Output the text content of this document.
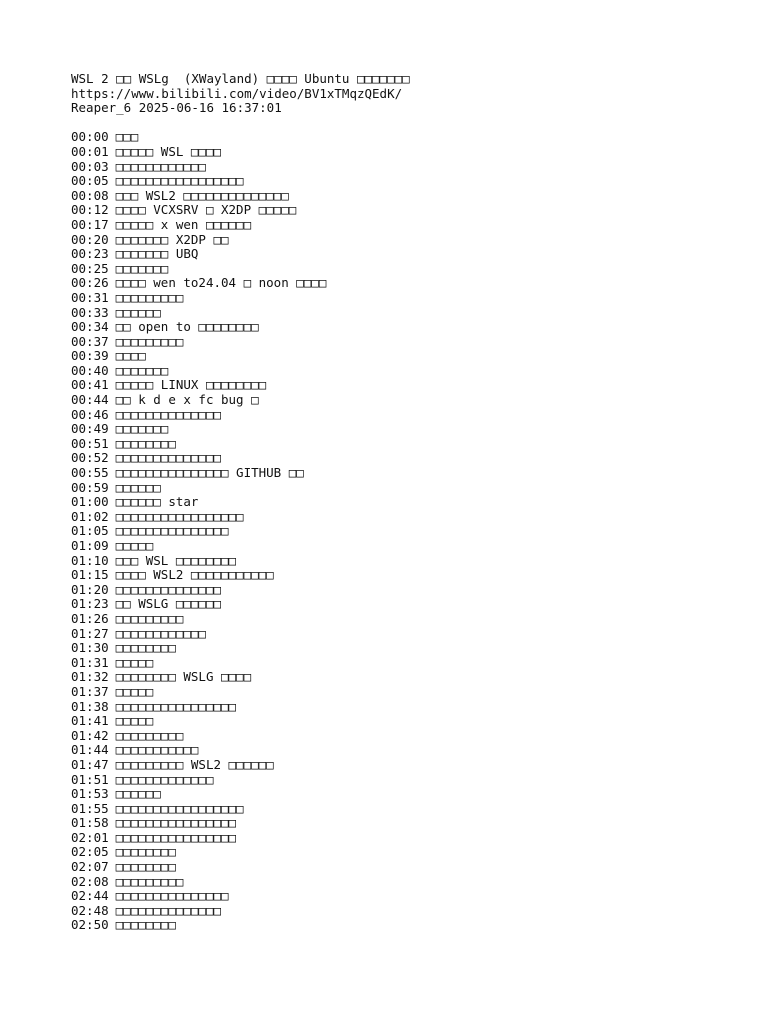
WSL 2 □□ WSLg  (XWayland) □□□□ Ubuntu □□□□□□□
https://www.bilibili.com/video/BV1xTMqzQEdK/
Reaper_6 2025-06-16 16:37:01
00:00 □□□
00:01 □□□□□ WSL □□□□
00:03 □□□□□□□□□□□□
00:05 □□□□□□□□□□□□□□□□□
00:08 □□□ WSL2 □□□□□□□□□□□□□□
00:12 □□□□ VCXSRV □ X2DP □□□□□
00:17 □□□□□ x wen □□□□□□
00:20 □□□□□□□ X2DP □□
00:23 □□□□□□□ UBQ
00:25 □□□□□□□
00:26 □□□□ wen to24.04 □ noon □□□□
00:31 □□□□□□□□□
00:33 □□□□□□
00:34 □□ open to □□□□□□□□
00:37 □□□□□□□□□
00:39 □□□□
00:40 □□□□□□□
00:41 □□□□□ LINUX □□□□□□□□
00:44 □□ k d e x fc bug □
00:46 □□□□□□□□□□□□□□
00:49 □□□□□□□
00:51 □□□□□□□□
00:52 □□□□□□□□□□□□□□
00:55 □□□□□□□□□□□□□□□ GITHUB □□
00:59 □□□□□□
01:00 □□□□□□ star
01:02 □□□□□□□□□□□□□□□□□
01:05 □□□□□□□□□□□□□□□
01:09 □□□□□
01:10 □□□ WSL □□□□□□□□
01:15 □□□□ WSL2 □□□□□□□□□□□
01:20 □□□□□□□□□□□□□□
01:23 □□ WSLG □□□□□□
01:26 □□□□□□□□□
01:27 □□□□□□□□□□□□
01:30 □□□□□□□□
01:31 □□□□□
01:32 □□□□□□□□ WSLG □□□□
01:37 □□□□□
01:38 □□□□□□□□□□□□□□□□
01:41 □□□□□
01:42 □□□□□□□□□
01:44 □□□□□□□□□□□
01:47 □□□□□□□□□ WSL2 □□□□□□
01:51 □□□□□□□□□□□□□
01:53 □□□□□□
01:55 □□□□□□□□□□□□□□□□□
01:58 □□□□□□□□□□□□□□□□
02:01 □□□□□□□□□□□□□□□□
02:05 □□□□□□□□
02:07 □□□□□□□□
02:08 □□□□□□□□□
02:44 □□□□□□□□□□□□□□□
02:48 □□□□□□□□□□□□□□
02:50 □□□□□□□□
